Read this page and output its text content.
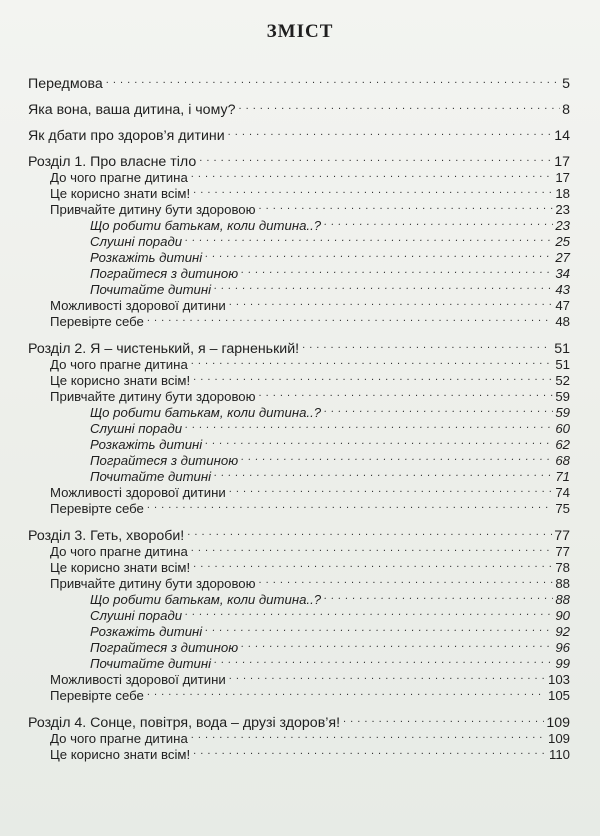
ЗМІСТ
Передмова . . .	5
Яка вона, ваша дитина, і чому? . . .	8
Як дбати про здоров’я дитини . . .	14
Розділ 1. Про власне тіло . . .	17
До чого прагне дитина . . .	17
Це корисно знати всім! . . .	18
Привчайте дитину бути здоровою . . .	23
Що робити батькам, коли дитина..? . . .	23
Слушні поради . . .	25
Розкажіть дитині . . .	27
Пограйтеся з дитиною . . .	34
Почитайте дитині . . .	43
Можливості здорової дитини . . .	47
Перевірте себе . . .	48
Розділ 2. Я – чистенький, я – гарненький! . . .	51
До чого прагне дитина . . .	51
Це корисно знати всім! . . .	52
Привчайте дитину бути здоровою . . .	59
Що робити батькам, коли дитина..? . . .	59
Слушні поради . . .	60
Розкажіть дитині . . .	62
Пограйтеся з дитиною . . .	68
Почитайте дитині . . .	71
Можливості здорової дитини . . .	74
Перевірте себе . . .	75
Розділ 3. Геть, хвороби! . . .	77
До чого прагне дитина . . .	77
Це корисно знати всім! . . .	78
Привчайте дитину бути здоровою . . .	88
Що робити батькам, коли дитина..? . . .	88
Слушні поради . . .	90
Розкажіть дитині . . .	92
Пограйтеся з дитиною . . .	96
Почитайте дитині . . .	99
Можливості здорової дитини . . .	103
Перевірте себе . . .	105
Розділ 4. Сонце, повітря, вода – друзі здоров’я! . . .	109
До чого прагне дитина . . .	109
Це корисно знати всім! . . .	110
